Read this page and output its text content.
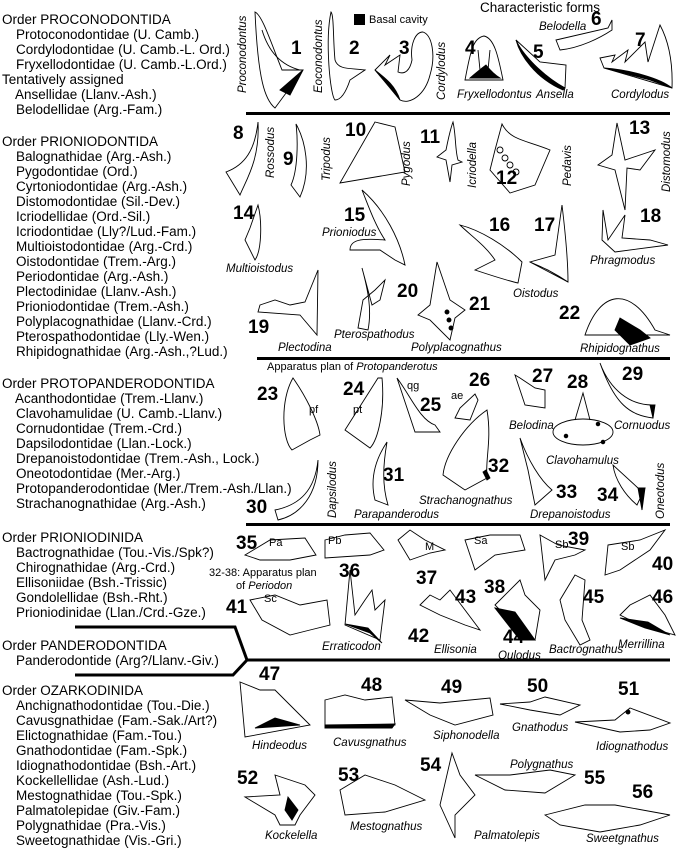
Order PROCONODONTIDA
Protoconodontidae (U. Camb.)
Cordylodontidae (U. Camb.-L. Ord.)
Fryxellodontidae (U. Camb.-L.Ord.)
Tentatively assigned
Ansellidae (Llanv.-Ash.)
Belodellidae (Arg.-Fam.)
Order PRIONIODONTIDA
Balognathidae (Arg.-Ash.)
Pygodontidae (Ord.)
Cyrtoniodontidae (Arg.-Ash.)
Distomodontidae (Sil.-Dev.)
Icriodellidae (Ord.-Sil.)
Icriodontidae (Lly?/Lud.-Fam.)
Multioistodontidae (Arg.-Crd.)
Oistodontidae (Trem.-Arg.)
Periodontidae (Arg.-Ash.)
Plectodinidae (Llanv.-Ash.)
Prioniodontidae (Trem.-Ash.)
Polyplacognathidae (Llanv.-Crd.)
Pterospathodontidae (Lly.-Wen.)
Rhipidognathidae (Arg.-Ash.,?Lud.)
Order PROTOPANDERODONTIDA
Acanthodontidae (Trem.-Llanv.)
Clavohamulidae (U. Camb.-Llanv.)
Cornudontidae (Trem.-Crd.)
Dapsilodontidae (Llan.-Lock.)
Drepanoistodontidae (Trem.-Ash., Lock.)
Oneotodontidae (Mer.-Arg.)
Protopanderodontidae (Mer./Trem.-Ash./Llan.)
Strachanognathidae (Arg.-Ash.)
Order PRIONIODINIDA
Bactrognathidae (Tou.-Vis./Spk?)
Chirognathidae (Arg.-Crd.)
Ellisoniidae (Bsh.-Trissic)
Gondolellidae (Bsh.-Rht.)
Prioniodinidae (Llan./Crd.-Gze.)
Order PANDERODONTIDA
Panderodontide (Arg?/Llanv.-Giv.)
Order OZARKODINIDA
Anchignathodontidae (Tou.-Die.)
Cavusgnathidae (Fam.-Sak./Art?)
Elictognathidae (Fam.-Tou.)
Gnathodontidae (Fam.-Spk.)
Idiognathodontidae (Bsh.-Art.)
Kockellellidae (Ash.-Lud.)
Mestognathidae (Tou.-Spk.)
Palmatolepidae (Giv.-Fam.)
Polygnathidae (Pra.-Vis.)
Sweetognathidae (Vis.-Gri.)
Characteristic forms
Basal cavity
1 2 3	4	5
6
7
8
9
10	11
12
13
14	15	16 17	18
19
20
21	22
23	24
25
26 27 28 29
30
31	32
33 34
35
36	37 38
39
40
41
42
43
44
45	46
47
48	49	50	51
52	53	54
55
56
Proconodontus	Eoconodontus	Cordylodus Fryxellodontus Ansella
Belodella
Cordylodus
Rossodus	Tripodus	Pygodus	Icriodella	Pedavis	Distomodus
Multioistodus
Prioniodus
Oistodus
Phragmodus
Plectodina
Pterospathodus
Polyplacognathus	Rhipidognathus
Belodina
Clavohamulus
Cornuodus
Dapsilodus Parapanderodus
Strachanognathus
Drepanoistodus	Oneotodus
Erraticodon	Ellisonia Oulodus Bactrognathus
Merrillina
Hindeodus Cavusgnathus
Siphonodella
Gnathodus
Idiognathodus
Kockelella
Mestognathus
Palmatolepis
Polygnathus
Sweetgnathus
Apparatus plan of Protopanderotus
pf	pt
qg
ae
Pa	Pb	M	Sa	Sb	Sb
Sc
32-38: Apparatus plan
of Periodon
